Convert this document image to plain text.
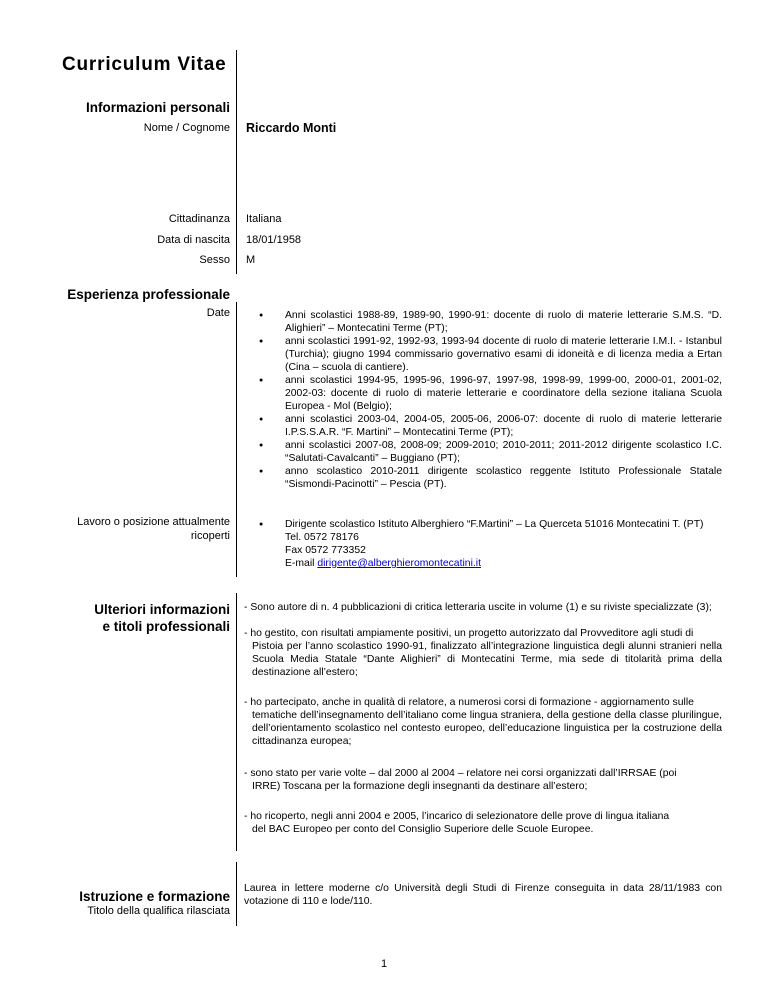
Curriculum Vitae
Informazioni personali
Nome / Cognome Riccardo Monti
Cittadinanza Italiana
Data di nascita 18/01/1958
Sesso M
Esperienza professionale
Date
●	Anni scolastici 1988-89, 1989-90, 1990-91: docente di ruolo di materie letterarie S.M.S. “D. Alighieri” – Montecatini Terme (PT);
● anni scolastici 1991-92, 1992-93, 1993-94 docente di ruolo di materie letterarie I.M.I. - Istanbul (Turchia); giugno 1994 commissario governativo esami di idoneità e di licenza media a Ertan (Cina – scuola di cantiere).
● anni scolastici 1994-95, 1995-96, 1996-97, 1997-98, 1998-99, 1999-00, 2000-01, 2001-02, 2002-03: docente di ruolo di materie letterarie e coordinatore della sezione italiana Scuola Europea - Mol (Belgio);
● anni scolastici 2003-04, 2004-05, 2005-06, 2006-07: docente di ruolo di materie letterarie I.P.S.S.A.R. “F. Martini” – Montecatini Terme (PT);
● anni scolastici 2007-08, 2008-09; 2009-2010; 2010-2011; 2011-2012 dirigente scolastico I.C. “Salutati-Cavalcanti” – Buggiano (PT);
● anno scolastico 2010-2011 dirigente scolastico reggente Istituto Professionale Statale “Sismondi-Pacinotti” – Pescia (PT).
Lavoro o posizione attualmente
ricoperti
● Dirigente scolastico Istituto Alberghiero “F.Martini” – La Querceta 51016 Montecatini T. (PT)
Tel. 0572 78176
Fax 0572 773352
E-mail dirigente@alberghieromontecatini.it
Ulteriori informazioni
e titoli professionali
- Sono autore di n. 4 pubblicazioni di critica letteraria uscite in volume (1) e su riviste specializzate (3);
- ho gestito, con risultati ampiamente positivi, un progetto autorizzato dal Provveditore agli studi di
Pistoia per l’anno scolastico 1990-91, finalizzato all’integrazione linguistica degli alunni stranieri nella Scuola Media Statale “Dante Alighieri” di Montecatini Terme, mia sede di titolarità prima della destinazione all’estero;
- ho partecipato, anche in qualità di relatore, a numerosi corsi di formazione - aggiornamento sulle
tematiche dell’insegnamento dell’italiano come lingua straniera, della gestione della classe plurilingue, dell’orientamento scolastico nel contesto europeo, dell’educazione linguistica per la costruzione della cittadinanza europea;
- sono stato per varie volte – dal 2000 al 2004 – relatore nei corsi organizzati dall’IRRSAE (poi
IRRE) Toscana per la formazione degli insegnanti da destinare all’estero;
- ho ricoperto, negli anni 2004 e 2005, l’incarico di selezionatore delle prove di lingua italiana
del BAC Europeo per conto del Consiglio Superiore delle Scuole Europee.
Istruzione e formazione
Titolo della qualifica rilasciata
Laurea in lettere moderne c/o Università degli Studi di Firenze conseguita in data 28/11/1983 con votazione di 110 e lode/110.
1
